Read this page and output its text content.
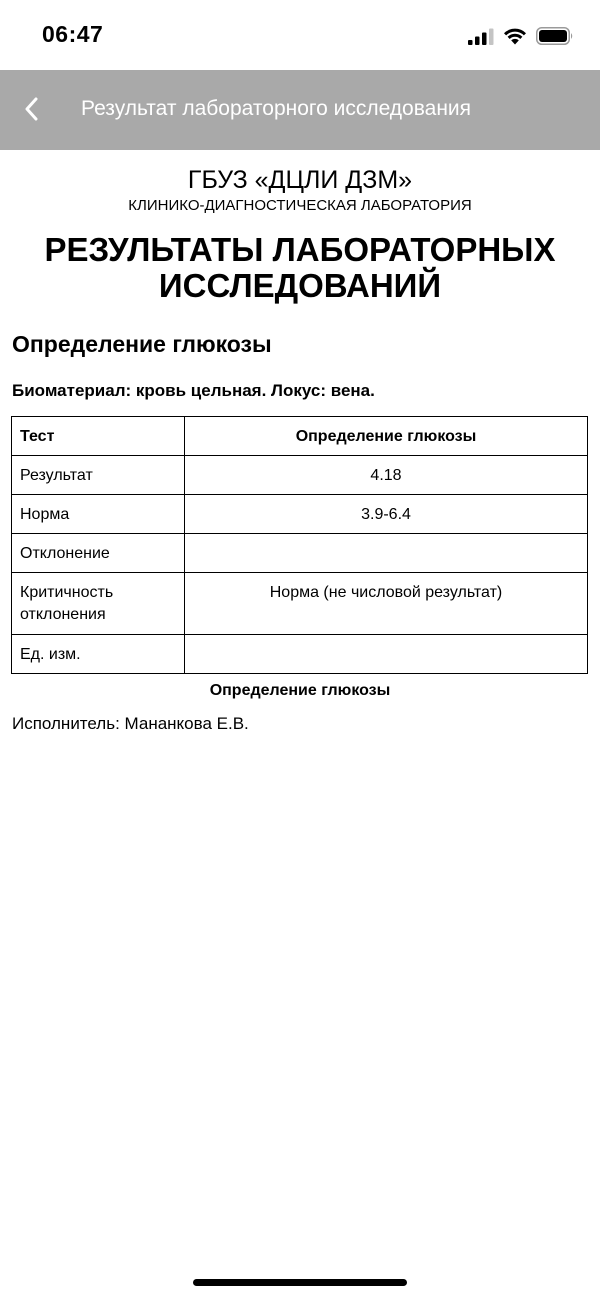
06:47
Результат лабораторного исследования
ГБУЗ «ДЦЛИ ДЗМ»
КЛИНИКО-ДИАГНОСТИЧЕСКАЯ ЛАБОРАТОРИЯ
РЕЗУЛЬТАТЫ ЛАБОРАТОРНЫХ ИССЛЕДОВАНИЙ
Определение глюкозы
Биоматериал: кровь цельная. Локус: вена.
Тест	Определение глюкозы
Результат	4.18
Норма	3.9-6.4
Отклонение	
Критичность отклонения	Норма (не числовой результат)
Ед. изм.	
Определение глюкозы
Исполнитель: Мананкова Е.В.
